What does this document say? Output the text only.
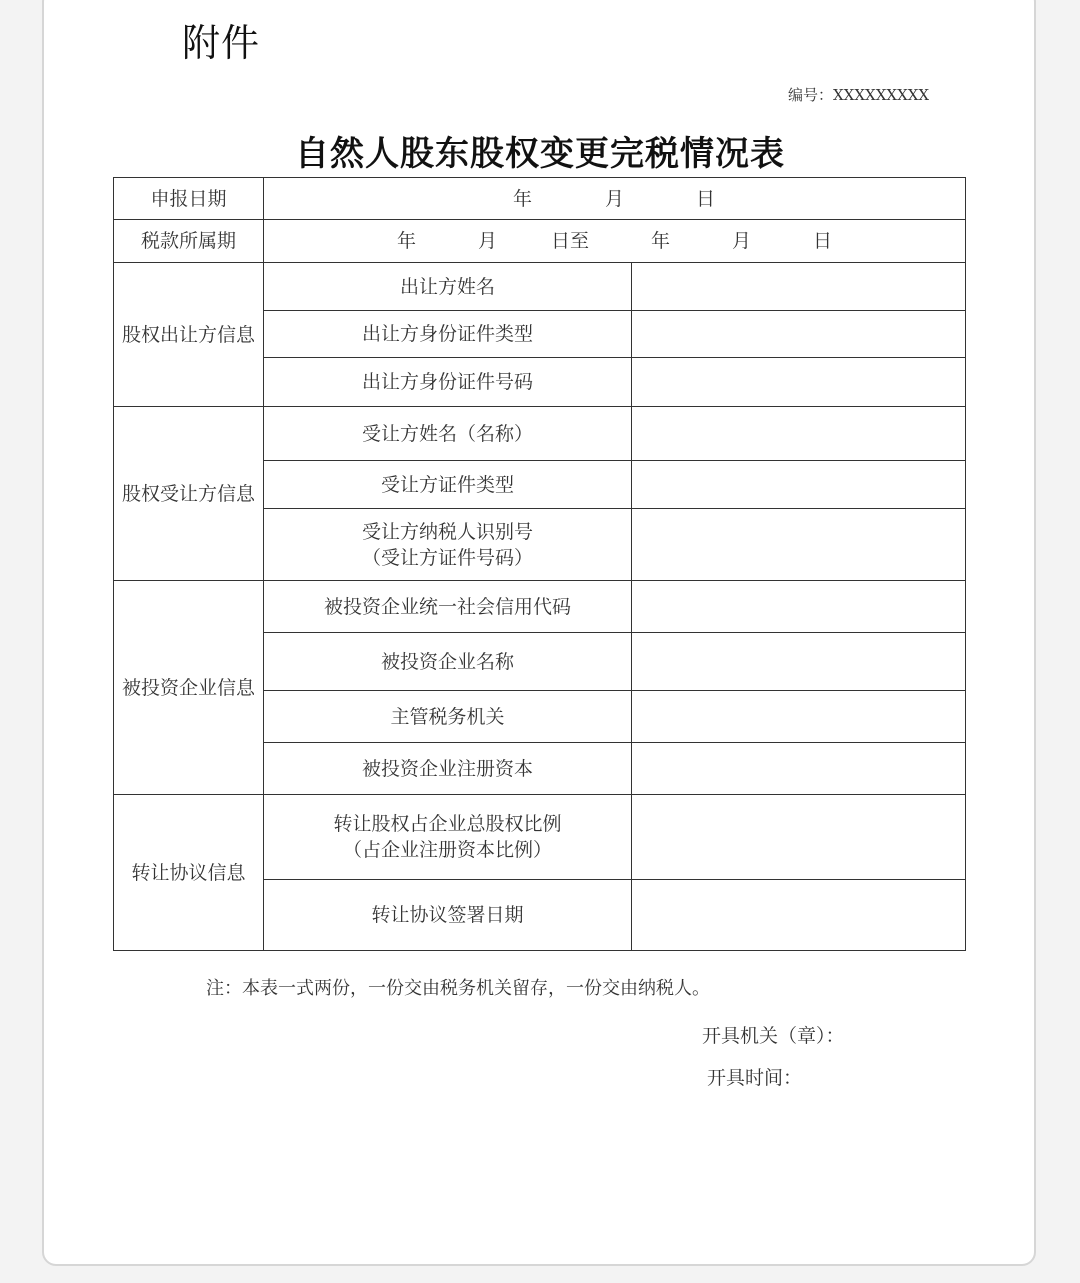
附件
编号：XXXXXXXXX
自然人股东股权变更完税情况表
申报日期	年 月 日	
税款所属期	年 月 日至 年 月 日	
股权出让方信息	出让方姓名	
	出让方身份证件类型	
	出让方身份证件号码	
股权受让方信息	受让方姓名（名称）	
	受让方证件类型	

	受让方纳税人识别号
（受让方证件号码）	

被投资企业信息	被投资企业统一社会信用代码	
	被投资企业名称	
	主管税务机关	
	被投资企业注册资本	
转让协议信息	转让股权占企业总股权比例
（占企业注册资本比例）	

	转让协议签署日期	
注：本表一式两份，一份交由税务机关留存，一份交由纳税人。
开具机关（章）：
开具时间：
